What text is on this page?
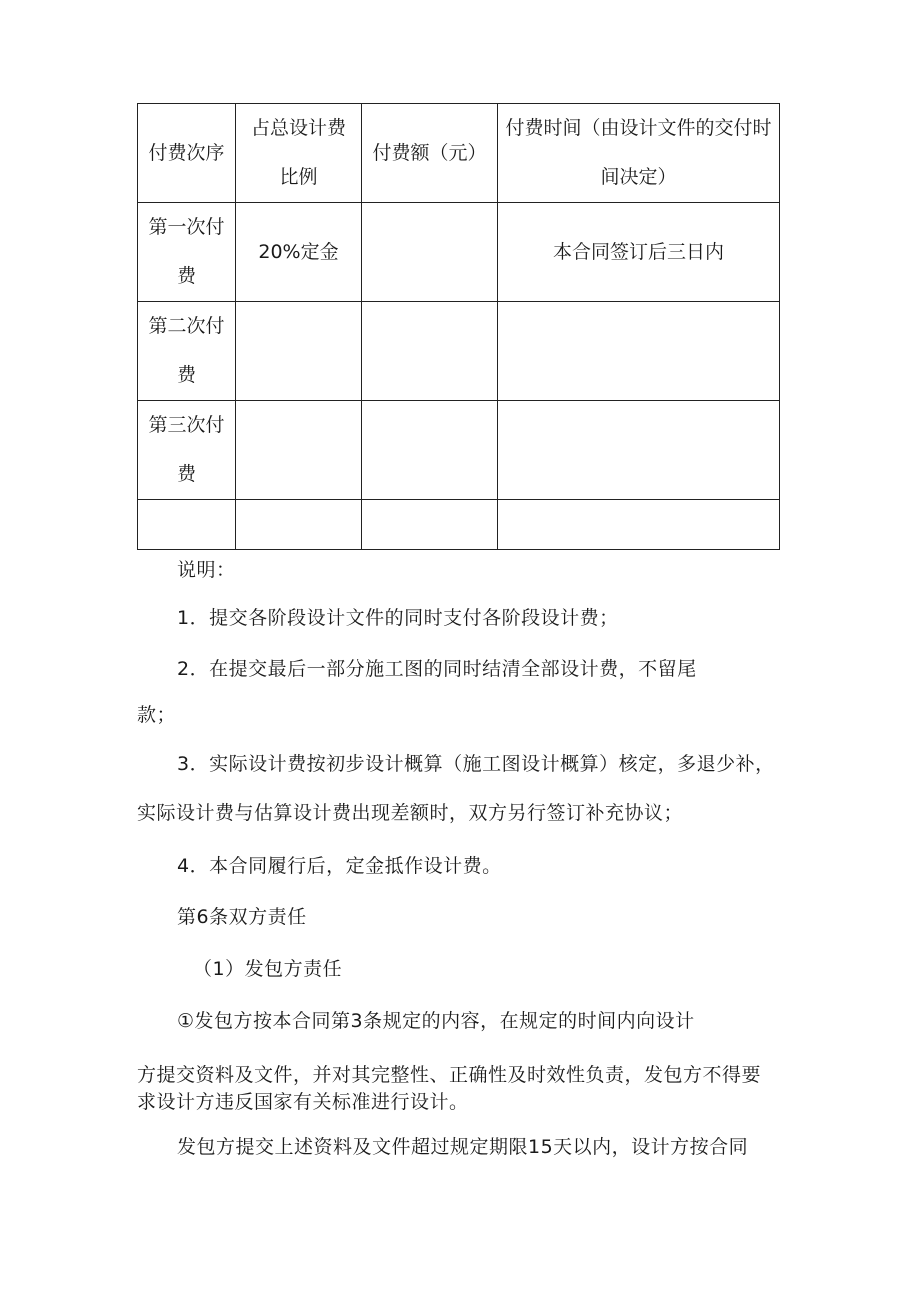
付费次序	占总设计费比例	付费额（元）	付费时间（由设计文件的交付时间决定）
第一次付费	20%定金		本合同签订后三日内
第二次付费			
第三次付费			

说明：
1．提交各阶段设计文件的同时支付各阶段设计费；
2．在提交最后一部分施工图的同时结清全部设计费，不留尾
款；
3．实际设计费按初步设计概算（施工图设计概算）核定，多退少补，
实际设计费与估算设计费出现差额时，双方另行签订补充协议；
4．本合同履行后，定金抵作设计费。
第6条双方责任
（1）发包方责任
①发包方按本合同第3条规定的内容，在规定的时间内向设计
方提交资料及文件，并对其完整性、正确性及时效性负责，发包方不得要
求设计方违反国家有关标准进行设计。
发包方提交上述资料及文件超过规定期限15天以内，设计方按合同
